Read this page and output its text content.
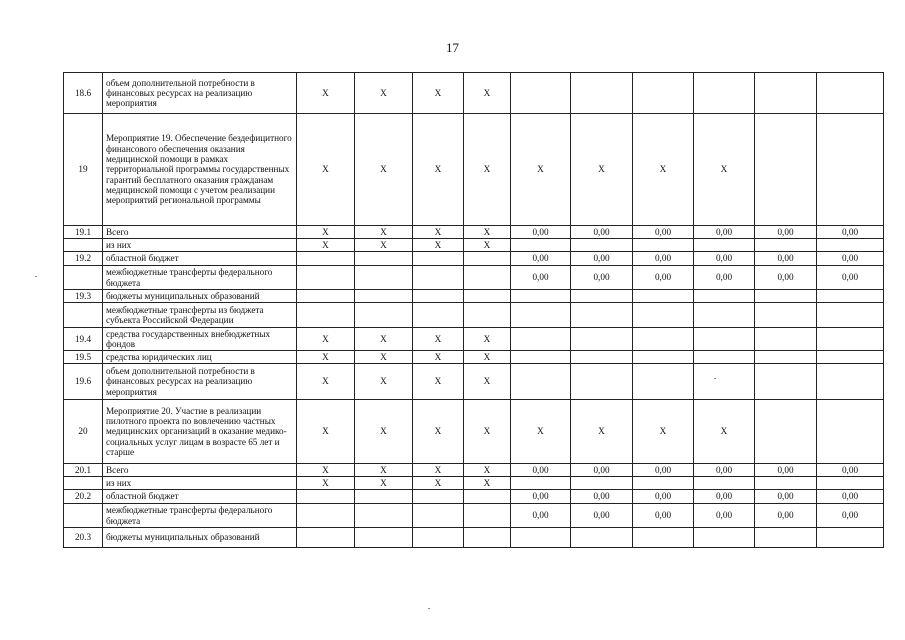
17
18.6	объем дополнительной потребности в финансовых ресурсах на реализацию мероприятия	X	X	X	X						
19	Мероприятие 19. Обеспечение бездефицитного финансового обеспечения оказания медицинской помощи в рамках территориальной программы государственных гарантий бесплатного оказания гражданам медицинской помощи с учетом реализации мероприятий региональной программы	X	X	X	X	X	X	X	X		
19.1	Всего	X	X	X	X	0,00	0,00	0,00	0,00	0,00	0,00
	из них	X	X	X	X						
19.2	областной бюджет					0,00	0,00	0,00	0,00	0,00	0,00
	межбюджетные трансферты федерального бюджета					0,00	0,00	0,00	0,00	0,00	0,00
19.3	бюджеты муниципальных образований										
	межбюджетные трансферты из бюджета субъекта Российской Федерации										
19.4	средства государственных внебюджетных фондов	X	X	X	X						
19.5	средства юридических лиц	X	X	X	X						
19.6	объем дополнительной потребности в финансовых ресурсах на реализацию мероприятия	X	X	X	X						
20	Мероприятие 20. Участие в реализации пилотного проекта по вовлечению частных медицинских организаций в оказание медико-социальных услуг лицам в возрасте 65 лет и старше	X	X	X	X	X	X	X	X		
20.1	Всего	X	X	X	X	0,00	0,00	0,00	0,00	0,00	0,00
	из них	X	X	X	X						
20.2	областной бюджет					0,00	0,00	0,00	0,00	0,00	0,00
	межбюджетные трансферты федерального бюджета					0,00	0,00	0,00	0,00	0,00	0,00
20.3	бюджеты муниципальных образований										
